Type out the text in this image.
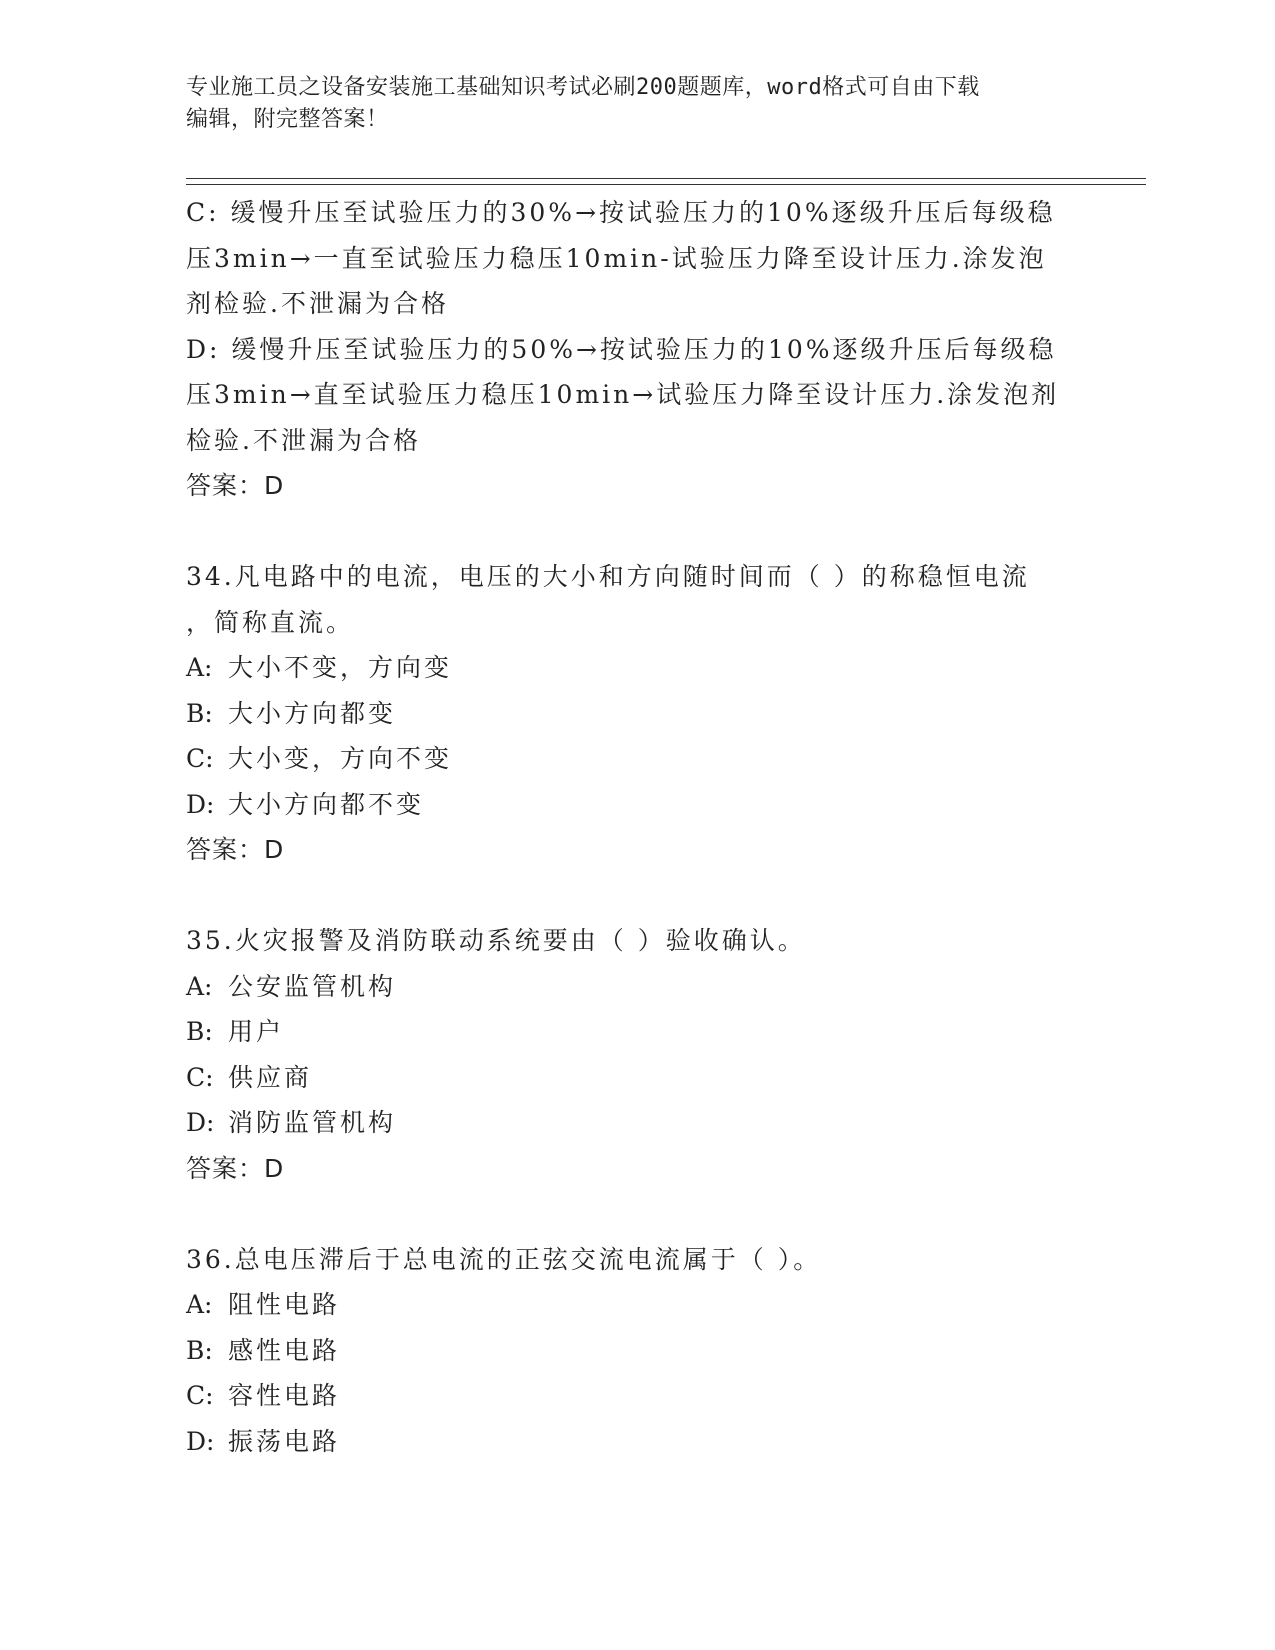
专业施工员之设备安装施工基础知识考试必刷200题题库，word格式可自由下载
编辑，附完整答案！

C: 缓慢升压至试验压力的30%→按试验压力的10%逐级升压后每级稳

压3min→一直至试验压力稳压10min-试验压力降至设计压力.涂发泡

剂检验.不泄漏为合格

D: 缓慢升压至试验压力的50%→按试验压力的10%逐级升压后每级稳

压3min→直至试验压力稳压10min→试验压力降至设计压力.涂发泡剂

检验.不泄漏为合格

答案：D

34.凡电路中的电流，电压的大小和方向随时间而（ ）的称稳恒电流

，简称直流。

A: 大小不变，方向变

B: 大小方向都变

C: 大小变，方向不变

D: 大小方向都不变

答案：D

35.火灾报警及消防联动系统要由（ ）验收确认。

A: 公安监管机构

B: 用户

C: 供应商

D: 消防监管机构

答案：D

36.总电压滞后于总电流的正弦交流电流属于（ ）。

A: 阻性电路

B: 感性电路

C: 容性电路

D: 振荡电路
